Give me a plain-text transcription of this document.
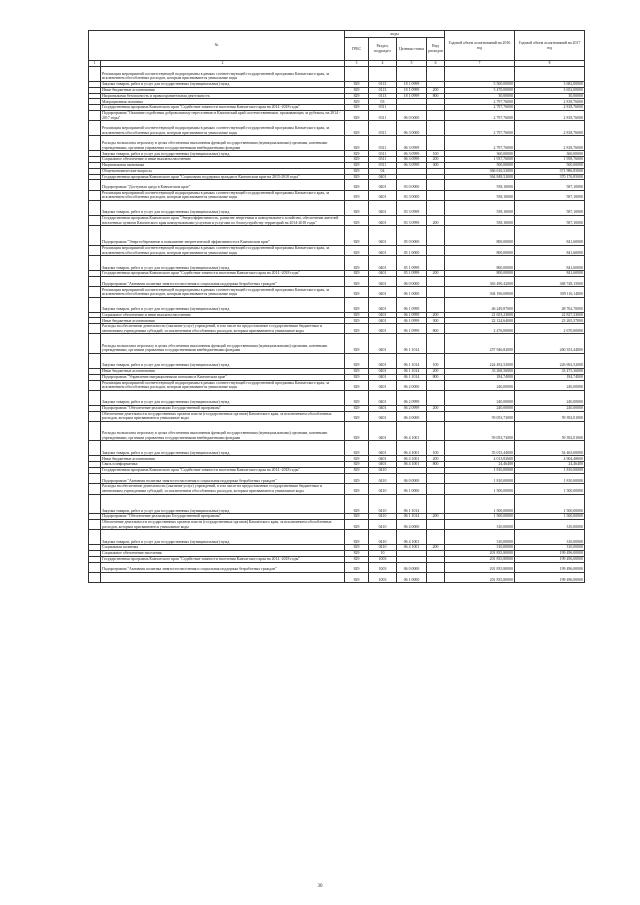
№		коды				Годовой объем ассигнований на 2016 год	Годовой объем ассигнований на 2017 год
		ГРБС	Раздел, подраздел	Целевая статья	Вид расходов		
1	2	3	4	5	6	7	8
	Реализация мероприятий соответствующей подпрограммы в рамках соответствующей государственной программы Камчатского края, за исключением обособленных расходов, которым присваиваются уникальные коды						
	Закупка товаров, работ и услуг для государственных (муниципальных) нужд	829	0113	18 1 0999		5 500,00000	3 682,00000
	Иные бюджетные ассигнования	829	0113	18 1 0999	200	5 470,00000	3 652,00000
	Национальная безопасность и правоохранительная деятельность	829	0113	18 1 0999	800	30,00000	30,00000
	Миграционная политика	829	03			2 797,76000	2 818,76000
	Государственная программа Камчатского края "Содействие занятости населения Камчатского края на 2014 -2018 годы"	829	0311			2 797,76000	2 818,76000
	Подпрограмма "Оказание содействия добровольному переселению в Камчатский край соотечественников, проживающих за рубежом, на 2014 - 2017 годы"	829	0311	06 0 0000		2 797,76000	2 818,76000
	Реализация мероприятий соответствующей подпрограммы в рамках соответствующей государственной программы Камчатского края, за исключением обособленных расходов, которым присваиваются уникальные коды	829	0311	06 3 0000		2 797,76000	2 818,76000
	Расходы на выплаты персоналу в целях обеспечения выполнения функций государственными (муниципальными) органами, казенными учреждениями, органами управления государственными внебюджетными фондами	829	0311	06 3 0999		2 797,76000	2 818,76000
	Закупка товаров, работ и услуг для государственных (муниципальных) нужд	829	0311	06 3 0999	100	360,00000	360,00000
	Социальное обеспечение и иные выплаты населению	829	0311	06 3 0999	200	1 937,76000	1 958,76000
	Национальная экономика	829	0311	06 3 0999	300	500,00000	500,00000
	Общеэкономические вопросы	829	04			366 616,52000	371 986,85000
	Государственная программа Камчатского края "Социальная поддержка граждан в Камчатском крае на 2015-2018 годы"	829	0401			364 848,52000	370 176,85000
	Подпрограмма "Доступная среда в Камчатском крае"	829	0401	03 0 0000		558,10000	587,10000
	Реализация мероприятий соответствующей подпрограммы в рамках соответствующей государственной программы Камчатского края, за исключением обособленных расходов, которым присваиваются уникальные коды	819	0401	03 3 0000		558,10000	587,10000
	Закупка товаров, работ и услуг для государственных (муниципальных) нужд	829	0401	03 3 0999		558,10000	587,10000
	Государственная программа Камчатского края "Энергоэффективность, развитие энергетики и коммунального хозяйства, обеспечение жителей населенных пунктов Камчатского края коммунальными услугами и услугами по благоустройству территорий на 2014-2018 годы"	829	0401	03 3 0999	200	558,10000	587,10000
	Подпрограмма "Энергосбережение и повышение энергетической эффективности в Камчатском крае"	829	0401	05 0 0000		800,00000	841,60000
	Реализация мероприятий соответствующей подпрограммы в рамках соответствующей государственной программы Камчатского края, за исключением обособленных расходов, которым присваиваются уникальные коды	829	0401	05 1 0000		800,00000	841,60000
	Закупка товаров, работ и услуг для государственных (муниципальных) нужд	829	0401	05 1 0999		800,00000	841,60000
	Государственная программа Камчатского края "Содействие занятости населения Камчатского края на 2014 -2018 годы"	829	0401	05 1 0999	200	800,00000	841,60000
	Подпрограмма "Активная политика занятости населения и социальная поддержка безработных граждан"	829	0401	06 0 0000		363 490,42000	368 748,15000
	Реализация мероприятий соответствующей подпрограммы в рамках соответствующей государственной программы Камчатского края, за исключением обособленных расходов, которым присваиваются уникальные коды	829	0401	06 1 0000		304 196,69000	309 116,14000
	Закупка товаров, работ и услуг для государственных (муниципальных) нужд	829	0401	06 1 0999		46 249,87000	48 762,70000
	Социальное обеспечение и иные выплаты населению	829	0401	06 1 0999	200	21 653,23000	22 827,33000
	Иные бюджетные ассигнования	829	0401	06 1 0999	300	22 124,64000	23 265,37000
	Расходы на обеспечение деятельности (оказание услуг) учреждений, в том числе на предоставление государственным бюджетным и автономным учреждениям субсидий, за исключением обособленных расходов, которым присваиваются уникальные коды	829	0401	06 1 0999	800	2 476,00000	2 670,00000
	Расходы на выплаты персоналу в целях обеспечения выполнения функций государственными (муниципальными) органами, казенными учреждениями, органами управления государственными внебюджетными фондами	829	0401	06 1 1014		257 946,82000	260 353,44000
	Закупка товаров, работ и услуг для государственных (муниципальных) нужд	829	0401	06 1 1014	100	224 492,52000	226 692,52000
	Иные бюджетные ассигнования	829	0401	06 1 1014	200	33 268,56000	33 475,36000
	Подпрограмма "Управление миграционными потоками в Камчатском крае"	829	0401	06 1 1014	800	184,74000	184,74000
	Реализация мероприятий соответствующей подпрограммы в рамках соответствующей государственной программы Камчатского края, за исключением обособленных расходов, которым присваиваются уникальные коды	829	0401	06 2 0000		240,00000	240,00000
	Закупка товаров, работ и услуг для государственных (муниципальных) нужд	829	0401	06 2 0999		240,00000	240,00000
	Подпрограмма "Обеспечение реализации Государственной программы"	829	0401	06 2 0999	200	240,00000	240,00000
	Обеспечение деятельности государственных органов власти (государственных органов) Камчатского края, за исключением обособленных расходов, которым присваиваются уникальные коды	829	0401	06 4 0000		59 053,73000	59 392,01000
	Расходы на выплаты персоналу в целях обеспечения выполнения функций государственными (муниципальными) органами, казенными учреждениями, органами управления государственными внебюджетными фондами	829	0401	06 4 1001		59 053,73000	59 392,01000
	Закупка товаров, работ и услуг для государственных (муниципальных) нужд	829	0401	06 4 1001	100	55 015,44000	54 463,00000
	Иные бюджетные ассигнования	829	0401	06 4 1001	200	4 013,82600	4 904,48600
	Связь и информатика	829	0401	06 4 1001	800	24,46400	24,46400
	Государственная программа Камчатского края "Содействие занятости населения Камчатского края на 2014 -2018 годы"	829	0410			1 810,00000	1 810,00000
	Подпрограмма "Активная политика занятости населения и социальная поддержка безработных граждан"	829	0410	06 0 0000		1 810,00000	1 810,00000
	Расходы на обеспечение деятельности (оказание услуг) учреждений, в том числе на предоставление государственным бюджетным и автономным учреждениям субсидий, за исключением обособленных расходов, которым присваиваются уникальные коды	829	0410	06 1 0000		1 500,00000	1 500,00000
	Закупка товаров, работ и услуг для государственных (муниципальных) нужд	829	0410	06 1 1014		1 500,00000	1 500,00000
	Подпрограмма "Обеспечение реализации Государственной программы"	829	0410	06 1 1014	200	1 500,00000	1 500,00000
	Обеспечение деятельности государственных органов власти (государственных органов) Камчатского края, за исключением обособленных расходов, которым присваиваются уникальные коды	829	0410	06 4 0000		310,00000	310,00000
	Закупка товаров, работ и услуг для государственных (муниципальных) нужд	829	0410	06 4 1001		310,00000	310,00000
	Социальная политика	829	0410	06 4 1001	200	310,00000	310,00000
	Социальное обеспечение населения	829	10			201 835,80000	199 496,00000
	Государственная программа Камчатского края "Содействие занятости населения Камчатского края на 2014 -2018 годы"	829	1003			201 835,80000	199 496,00000
	Подпрограмма "Активная политика занятости населения и социальная поддержка безработных граждан"	829	1003	06 0 0000		201 835,80000	199 496,00000
		829	1003	06 1 0000		201 835,80000	199 496,00000
30
